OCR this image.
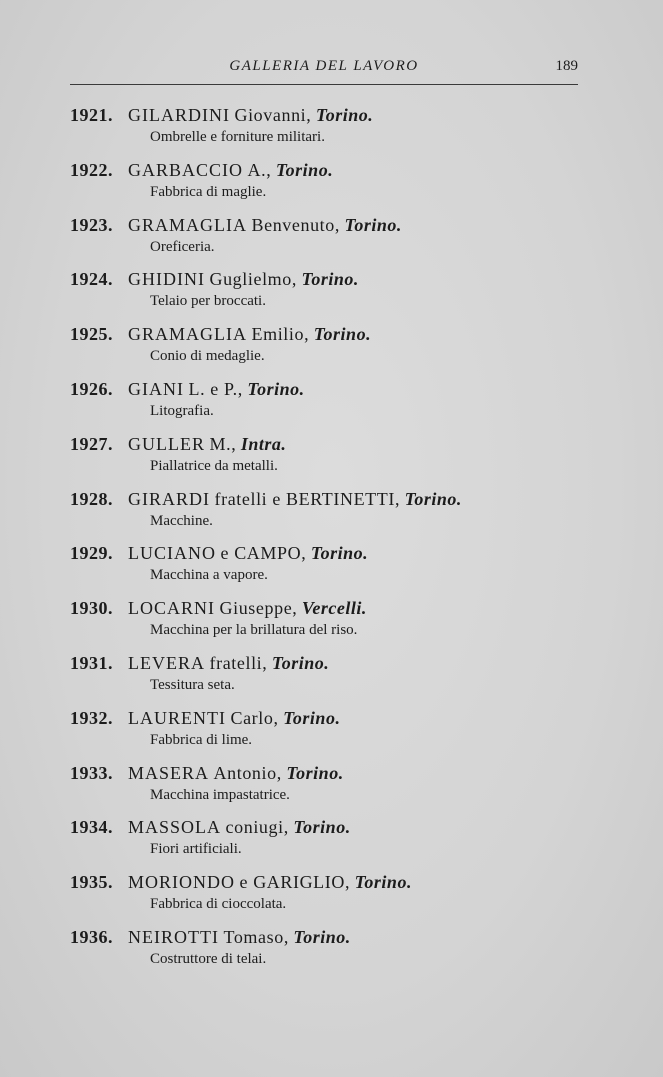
GALLERIA DEL LAVORO	189
1921. GILARDINI Giovanni, Torino.
Ombrelle e forniture militari.
1922. GARBACCIO A., Torino.
Fabbrica di maglie.
1923. GRAMAGLIA Benvenuto, Torino.
Oreficeria.
1924. GHIDINI Guglielmo, Torino.
Telaio per broccati.
1925. GRAMAGLIA Emilio, Torino.
Conio di medaglie.
1926. GIANI L. e P., Torino.
Litografia.
1927. GULLER M., Intra.
Piallatrice da metalli.
1928. GIRARDI fratelli e BERTINETTI, Torino.
Macchine.
1929. LUCIANO e CAMPO, Torino.
Macchina a vapore.
1930. LOCARNI Giuseppe, Vercelli.
Macchina per la brillatura del riso.
1931. LEVERA fratelli, Torino.
Tessitura seta.
1932. LAURENTI Carlo, Torino.
Fabbrica di lime.
1933. MASERA Antonio, Torino.
Macchina impastatrice.
1934. MASSOLA coniugi, Torino.
Fiori artificiali.
1935. MORIONDO e GARIGLIO, Torino.
Fabbrica di cioccolata.
1936. NEIROTTI Tomaso, Torino.
Costruttore di telai.
